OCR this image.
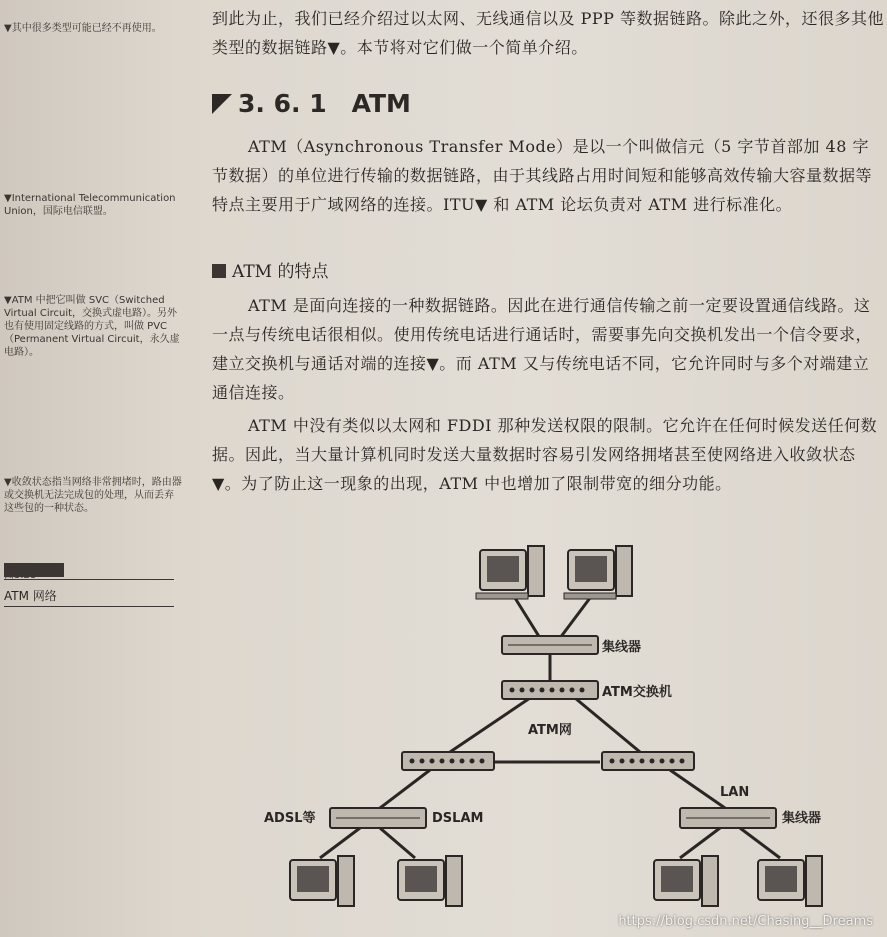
▼其中很多类型可能已经不再使用。
▼International Telecommunication Union，国际电信联盟。
▼ATM 中把它叫做 SVC（Switched Virtual Circuit，交换式虚电路）。另外也有使用固定线路的方式，叫做 PVC（Permanent Virtual Circuit，永久虚电路）。
▼收敛状态指当网络非常拥堵时，路由器或交换机无法完成包的处理，从而丢弃这些包的一种状态。
图3.28
ATM 网络
到此为止，我们已经介绍过以太网、无线通信以及 PPP 等数据链路。除此之外，还很多其他类型的数据链路▼。本节将对它们做一个简单介绍。
3. 6. 1　ATM
ATM（Asynchronous Transfer Mode）是以一个叫做信元（5 字节首部加 48 字节数据）的单位进行传输的数据链路，由于其线路占用时间短和能够高效传输大容量数据等特点主要用于广域网络的连接。ITU▼ 和 ATM 论坛负责对 ATM 进行标准化。
ATM 的特点
ATM 是面向连接的一种数据链路。因此在进行通信传输之前一定要设置通信线路。这一点与传统电话很相似。使用传统电话进行通话时，需要事先向交换机发出一个信令要求，建立交换机与通话对端的连接▼。而 ATM 又与传统电话不同，它允许同时与多个对端建立通信连接。
ATM 中没有类似以太网和 FDDI 那种发送权限的限制。它允许在任何时候发送任何数据。因此，当大量计算机同时发送大量数据时容易引发网络拥堵甚至使网络进入收敛状态▼。为了防止这一现象的出现，ATM 中也增加了限制带宽的细分功能。
集线器
ATM交换机
ATM网
LAN
ADSL等	DSLAM	集线器
https://blog.csdn.net/Chasing__Dreams
